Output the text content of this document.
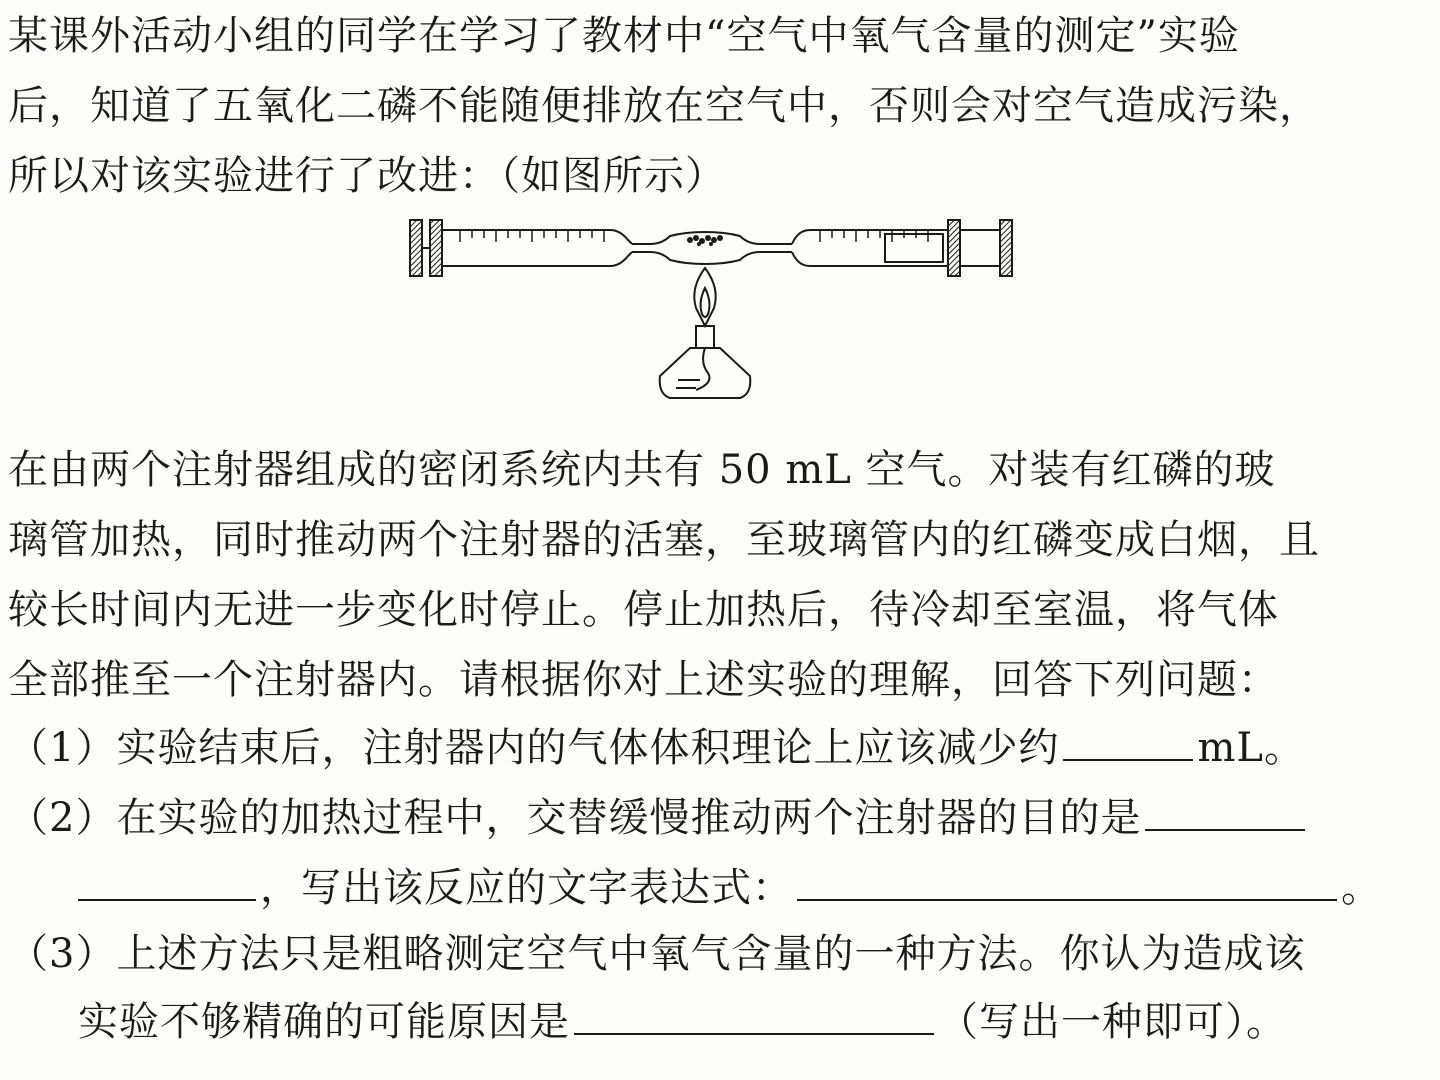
某课外活动小组的同学在学习了教材中“空气中氧气含量的测定”实验
后，知道了五氧化二磷不能随便排放在空气中，否则会对空气造成污染，
所以对该实验进行了改进：（如图所示）
在由两个注射器组成的密闭系统内共有 50 mL 空气。对装有红磷的玻
璃管加热，同时推动两个注射器的活塞，至玻璃管内的红磷变成白烟，且
较长时间内无进一步变化时停止。停止加热后，待冷却至室温，将气体
全部推至一个注射器内。请根据你对上述实验的理解，回答下列问题：
（1）实验结束后，注射器内的气体体积理论上应该减少约	mL。
（2）在实验的加热过程中，交替缓慢推动两个注射器的目的是
，写出该反应的文字表达式：	。
（3）上述方法只是粗略测定空气中氧气含量的一种方法。你认为造成该
实验不够精确的可能原因是	（写出一种即可）。
